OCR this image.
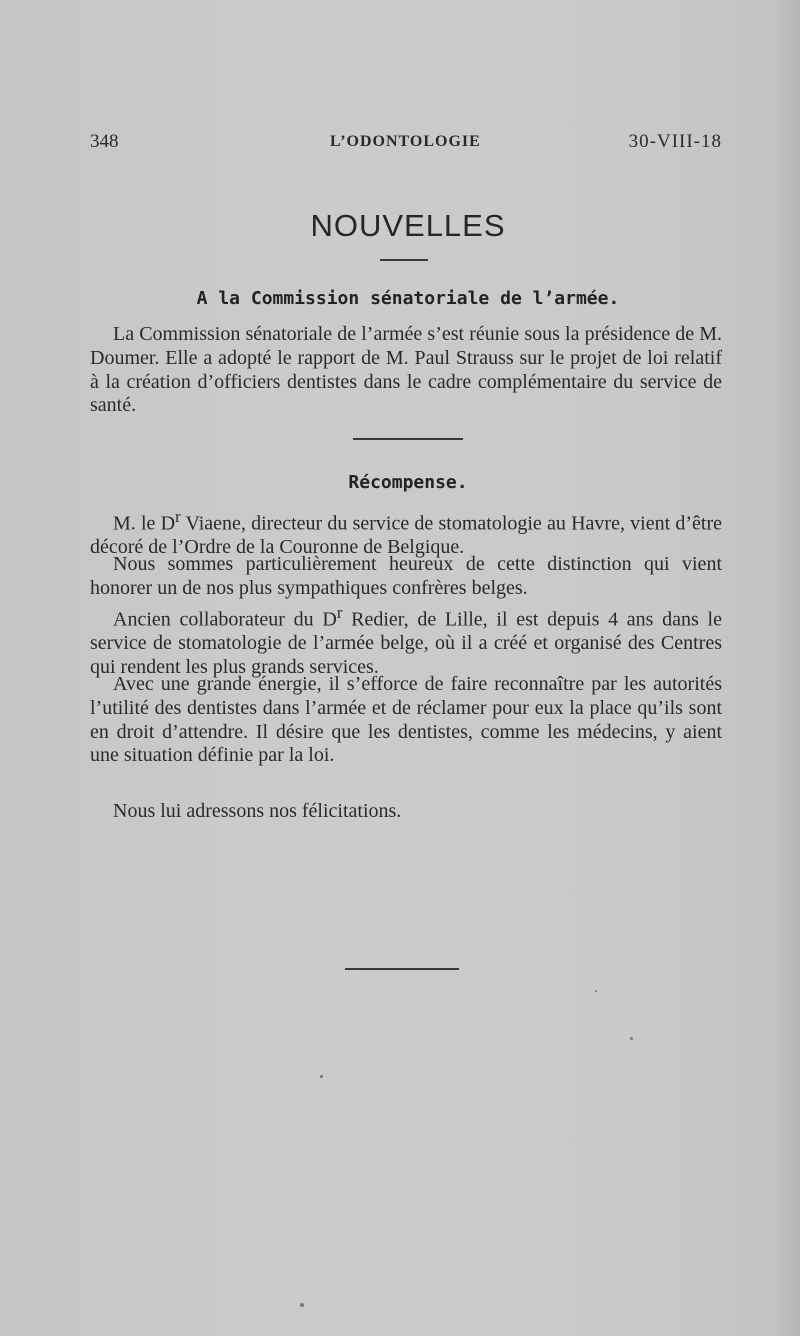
348	L’ODONTOLOGIE	30-VIII-18
NOUVELLES
A la Commission sénatoriale de l’armée.

La Commission sénatoriale de l’armée s’est réunie sous la présidence de M. Doumer. Elle a adopté le rapport de M. Paul Strauss sur le projet de loi relatif à la création d’officiers dentistes dans le cadre complémentaire du service de santé.

Récompense.

M. le $D^r$ Viaene, directeur du service de stomatologie au Havre, vient d’être décoré de l’Ordre de la Couronne de Belgique.

Nous sommes particulièrement heureux de cette distinction qui vient honorer un de nos plus sympathiques confrères belges.

Ancien collaborateur du $D^r$ Redier, de Lille, il est depuis 4 ans dans le service de stomatologie de l’armée belge, où il a créé et organisé des Centres qui rendent les plus grands services.

Avec une grande énergie, il s’efforce de faire reconnaître par les autorités l’utilité des dentistes dans l’armée et de réclamer pour eux la place qu’ils sont en droit d’attendre. Il désire que les dentistes, comme les médecins, y aient une situation définie par la loi.

Nous lui adressons nos félicitations.
